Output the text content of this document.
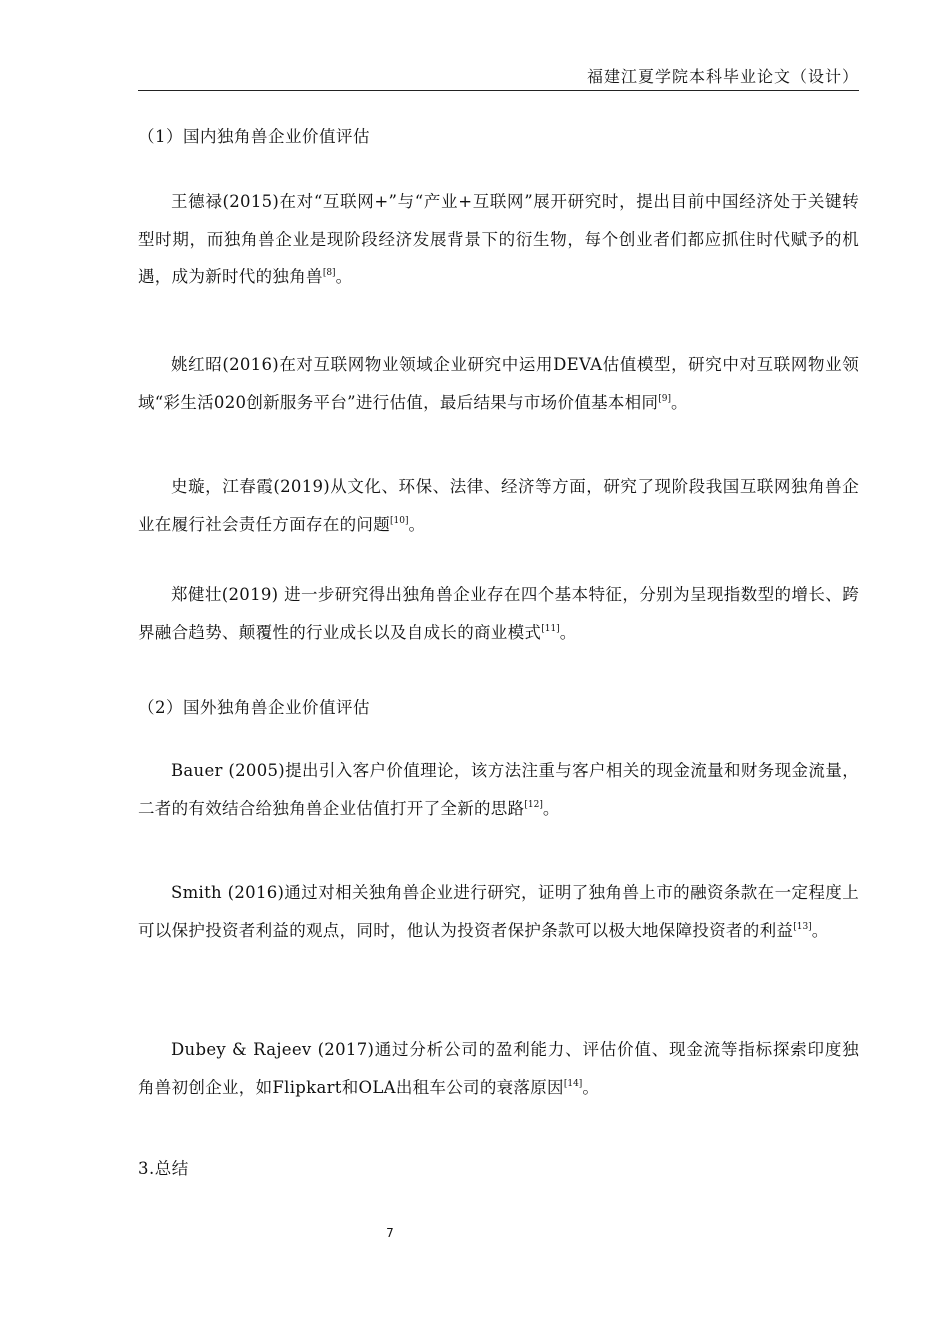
福建江夏学院本科毕业论文（设计）
（1）国内独角兽企业价值评估

王德禄(2015)在对“互联网+”与“产业+互联网”展开研究时，提出目前中国经济处于关键转型时期，而独角兽企业是现阶段经济发展背景下的衍生物，每个创业者们都应抓住时代赋予的机遇，成为新时代的独角兽[8]。

姚红昭(2016)在对互联网物业领域企业研究中运用DEVA估值模型，研究中对互联网物业领域“彩生活020创新服务平台”进行估值，最后结果与市场价值基本相同[9]。

史璇，江春霞(2019)从文化、环保、法律、经济等方面，研究了现阶段我国互联网独角兽企业在履行社会责任方面存在的问题[10]。

郑健壮(2019) 进一步研究得出独角兽企业存在四个基本特征，分别为呈现指数型的增长、跨界融合趋势、颠覆性的行业成长以及自成长的商业模式[11]。

（2）国外独角兽企业价值评估

Bauer (2005)提出引入客户价值理论，该方法注重与客户相关的现金流量和财务现金流量，二者的有效结合给独角兽企业估值打开了全新的思路[12]。

Smith (2016)通过对相关独角兽企业进行研究，证明了独角兽上市的融资条款在一定程度上可以保护投资者利益的观点，同时，他认为投资者保护条款可以极大地保障投资者的利益[13]。

Dubey & Rajeev (2017)通过分析公司的盈利能力、评估价值、现金流等指标探索印度独角兽初创企业，如Flipkart和OLA出租车公司的衰落原因[14]。

3.总结
7
